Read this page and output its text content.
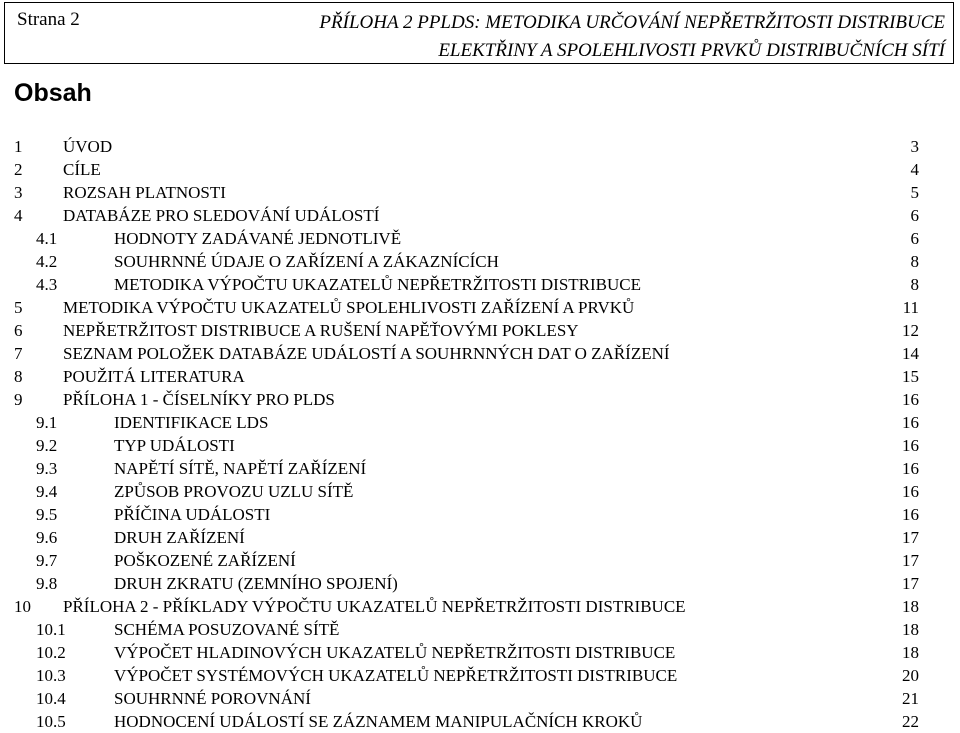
Strana 2	PŘÍLOHA 2 PPLDS: METODIKA URČOVÁNÍ NEPŘETRŽITOSTI DISTRIBUCE
ELEKTŘINY A SPOLEHLIVOSTI PRVKŮ DISTRIBUČNÍCH SÍTÍ
Obsah
1 ÚVOD	3
2 CÍLE	4
3 ROZSAH PLATNOSTI	5
4 DATABÁZE PRO SLEDOVÁNÍ UDÁLOSTÍ	6
4.1	HODNOTY ZADÁVANÉ JEDNOTLIVĚ	6
4.2	SOUHRNNÉ ÚDAJE O ZAŘÍZENÍ A ZÁKAZNÍCÍCH	8
4.3	METODIKA VÝPOČTU UKAZATELŮ NEPŘETRŽITOSTI DISTRIBUCE	8
5 METODIKA VÝPOČTU UKAZATELŮ SPOLEHLIVOSTI ZAŘÍZENÍ A PRVKŮ	11
6 NEPŘETRŽITOST DISTRIBUCE A RUŠENÍ NAPĚŤOVÝMI POKLESY	12
7 SEZNAM POLOŽEK DATABÁZE UDÁLOSTÍ A SOUHRNNÝCH DAT O ZAŘÍZENÍ	14
8 POUŽITÁ LITERATURA	15
9 PŘÍLOHA 1 - ČÍSELNÍKY PRO PLDS	16
9.1	IDENTIFIKACE LDS	16
9.2	TYP UDÁLOSTI	16
9.3	NAPĚTÍ SÍTĚ, NAPĚTÍ ZAŘÍZENÍ	16
9.4	ZPŮSOB PROVOZU UZLU SÍTĚ	16
9.5	PŘÍČINA UDÁLOSTI	16
9.6	DRUH ZAŘÍZENÍ	17
9.7	POŠKOZENÉ ZAŘÍZENÍ	17
9.8	DRUH ZKRATU (ZEMNÍHO SPOJENÍ)	17
10 PŘÍLOHA 2 - PŘÍKLADY VÝPOČTU UKAZATELŮ NEPŘETRŽITOSTI DISTRIBUCE	18
10.1	SCHÉMA POSUZOVANÉ SÍTĚ	18
10.2	VÝPOČET HLADINOVÝCH UKAZATELŮ NEPŘETRŽITOSTI DISTRIBUCE	18
10.3	VÝPOČET SYSTÉMOVÝCH UKAZATELŮ NEPŘETRŽITOSTI DISTRIBUCE	20
10.4	SOUHRNNÉ POROVNÁNÍ	21
10.5	HODNOCENÍ UDÁLOSTÍ SE ZÁZNAMEM MANIPULAČNÍCH KROKŮ	22
